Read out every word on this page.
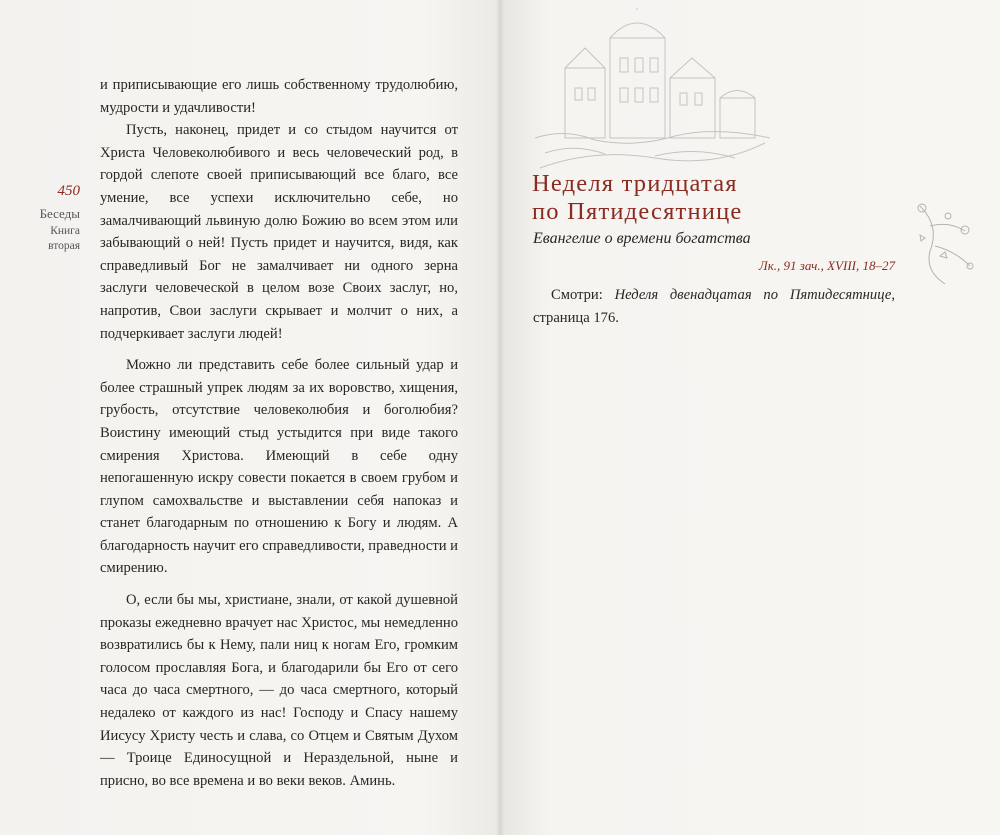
450
Беседы
Книга
вторая

и приписывающие его лишь собственному трудолюбию, мудрости и удачливости!

Пусть, наконец, придет и со стыдом научится от Христа Человеколюбивого и весь человеческий род, в гордой слепоте своей приписывающий все благо, все умение, все успехи исключительно себе, но замалчивающий львиную долю Божию во всем этом или забывающий о ней! Пусть придет и научится, видя, как справедливый Бог не замалчивает ни одного зерна заслуги человеческой в целом возе Своих заслуг, но, напротив, Свои заслуги скрывает и молчит о них, а подчеркивает заслуги людей!

Можно ли представить себе более сильный удар и более страшный упрек людям за их воровство, хищения, грубость, отсутствие человеколюбия и боголюбия? Воистину имеющий стыд устыдится при виде такого смирения Христова. Имеющий в себе одну непогашенную искру совести покается в своем грубом и глупом самохвальстве и выставлении себя напоказ и станет благодарным по отношению к Богу и людям. А благодарность научит его справедливости, праведности и смирению.

О, если бы мы, христиане, знали, от какой душевной проказы ежедневно врачует нас Христос, мы немедленно возвратились бы к Нему, пали ниц к ногам Его, громким голосом прославляя Бога, и благодарили бы Его от сего часа до часа смертного, — до часа смертного, который недалеко от каждого из нас! Господу и Спасу нашему Иисусу Христу честь и слава, со Отцем и Святым Духом — Троице Единосущной и Нераздельной, ныне и присно, во все времена и во веки веков. Аминь.

Неделя тридцатая
по Пятидесятнице
Евангелие о времени богатства
Лк., 91 зач., XVIII, 18–27

Смотри: Неделя двенадцатая по Пятидесятнице, страница 176.
